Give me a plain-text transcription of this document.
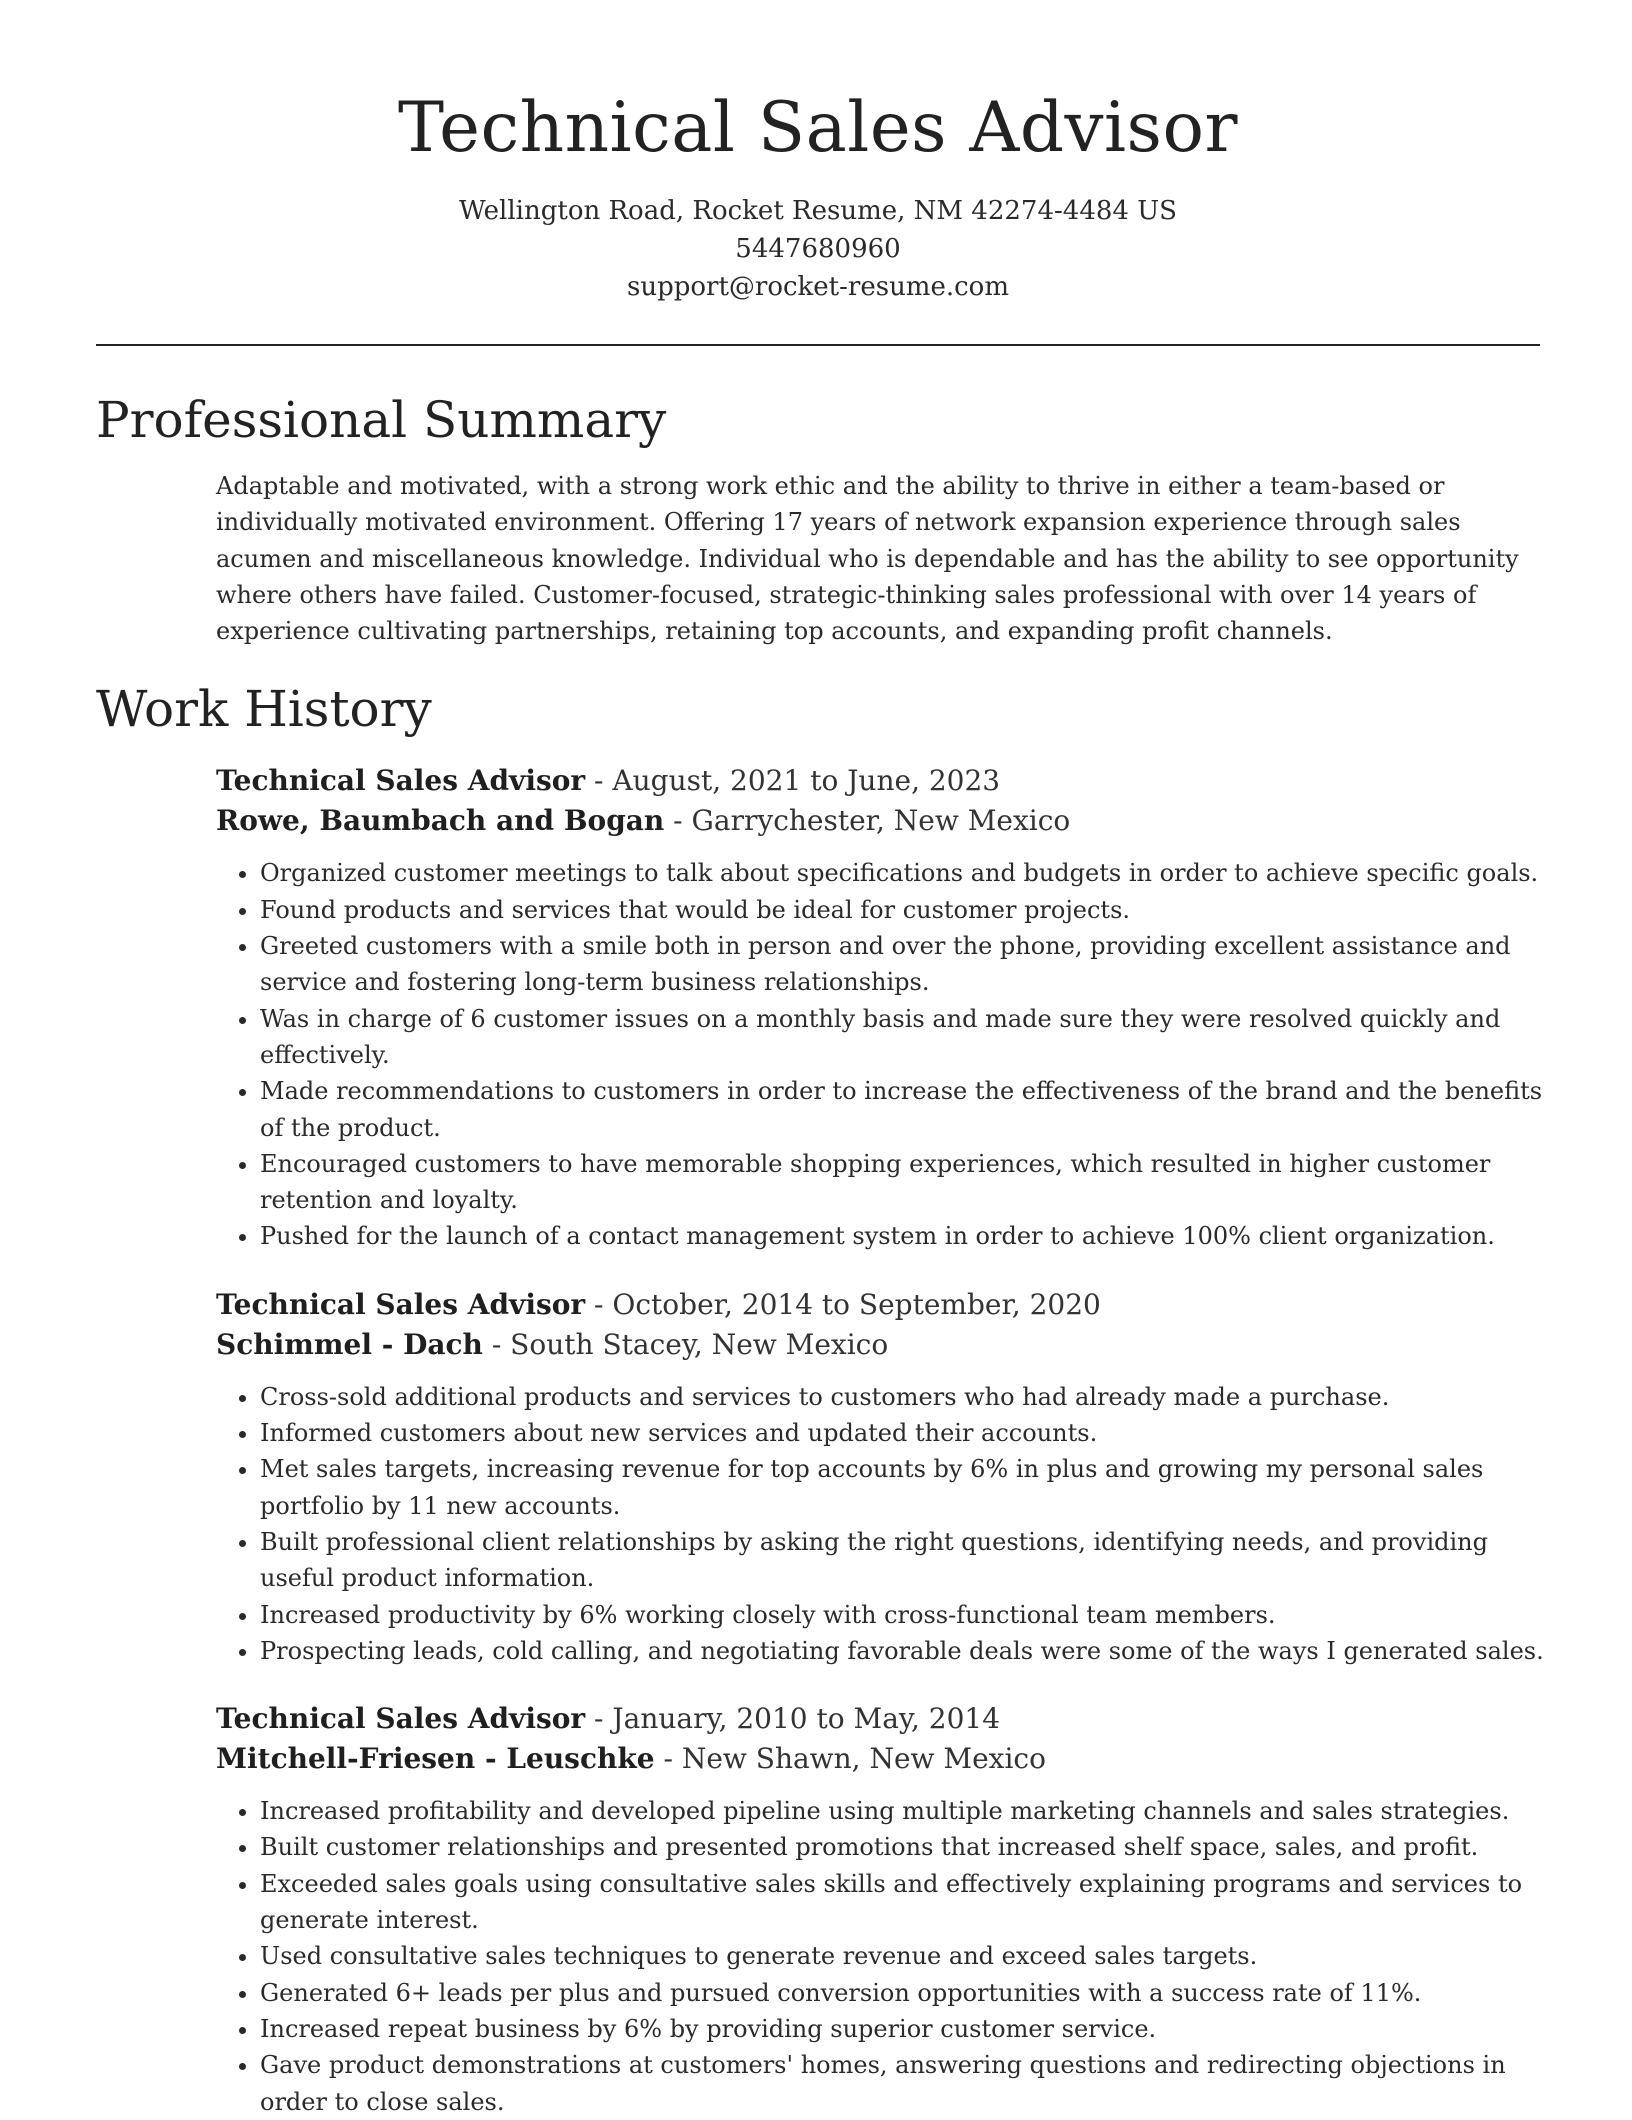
Technical Sales Advisor
Wellington Road, Rocket Resume, NM 42274-4484 US
5447680960
support@rocket-resume.com
Professional Summary

Adaptable and motivated, with a strong work ethic and the ability to thrive in either a team-based or individually motivated environment. Offering 17 years of network expansion experience through sales acumen and miscellaneous knowledge. Individual who is dependable and has the ability to see opportunity where others have failed. Customer-focused, strategic-thinking sales professional with over 14 years of experience cultivating partnerships, retaining top accounts, and expanding profit channels.

Work History
Technical Sales Advisor - August, 2021 to June, 2023
Rowe, Baumbach and Bogan - Garrychester, New Mexico
• Organized customer meetings to talk about specifications and budgets in order to achieve specific goals.
• Found products and services that would be ideal for customer projects.
• Greeted customers with a smile both in person and over the phone, providing excellent assistance and service and fostering long-term business relationships.
• Was in charge of 6 customer issues on a monthly basis and made sure they were resolved quickly and effectively.
• Made recommendations to customers in order to increase the effectiveness of the brand and the benefits of the product.
• Encouraged customers to have memorable shopping experiences, which resulted in higher customer retention and loyalty.
• Pushed for the launch of a contact management system in order to achieve 100% client organization.
Technical Sales Advisor - October, 2014 to September, 2020
Schimmel - Dach - South Stacey, New Mexico
• Cross-sold additional products and services to customers who had already made a purchase.
• Informed customers about new services and updated their accounts.
• Met sales targets, increasing revenue for top accounts by 6% in plus and growing my personal sales portfolio by 11 new accounts.
• Built professional client relationships by asking the right questions, identifying needs, and providing useful product information.
• Increased productivity by 6% working closely with cross-functional team members.
• Prospecting leads, cold calling, and negotiating favorable deals were some of the ways I generated sales.
Technical Sales Advisor - January, 2010 to May, 2014
Mitchell-Friesen - Leuschke - New Shawn, New Mexico
• Increased profitability and developed pipeline using multiple marketing channels and sales strategies.
• Built customer relationships and presented promotions that increased shelf space, sales, and profit.
• Exceeded sales goals using consultative sales skills and effectively explaining programs and services to generate interest.
• Used consultative sales techniques to generate revenue and exceed sales targets.
• Generated 6+ leads per plus and pursued conversion opportunities with a success rate of 11%.
• Increased repeat business by 6% by providing superior customer service.
• Gave product demonstrations at customers' homes, answering questions and redirecting objections in order to close sales.
